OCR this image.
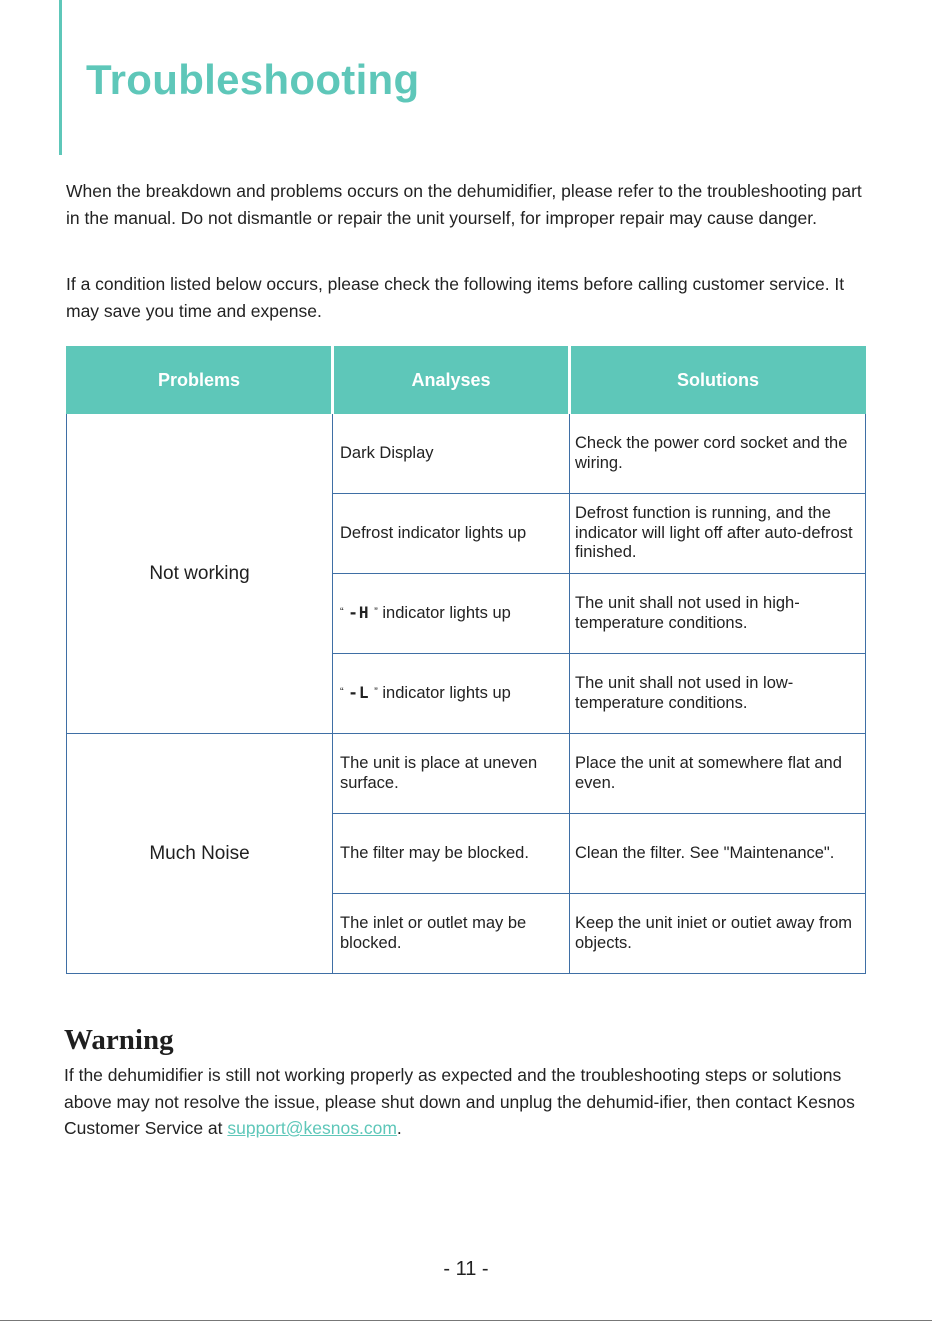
Troubleshooting

When the breakdown and problems occurs on the dehumidifier, please refer to the troubleshooting part in the manual. Do not dismantle or repair the unit yourself, for improper repair may cause danger.

If a condition listed below occurs, please check the following items before calling customer service. It may save you time and expense.

Problems	Analyses	Solutions
Not working	Dark Display	Check the power cord socket and the wiring.
	Defrost indicator lights up	Defrost function is running, and the indicator will light off after auto-defrost finished.
	“ -H ” indicator lights up	The unit shall not used in high-temperature conditions.
	“ -L ” indicator lights up	The unit shall not used in low-temperature conditions.
Much Noise	The unit is place at uneven surface.	Place the unit at somewhere flat and even.
	The filter may be blocked.	Clean the filter. See "Maintenance".
	The inlet or outlet may be blocked.	Keep the unit iniet or outiet away from objects.
Warning

If the dehumidifier is still not working properly as expected and the troubleshooting steps or solutions above may not resolve the issue, please shut down and unplug the dehumid-ifier, then contact Kesnos Customer Service at support@kesnos.com.

- 11 -
